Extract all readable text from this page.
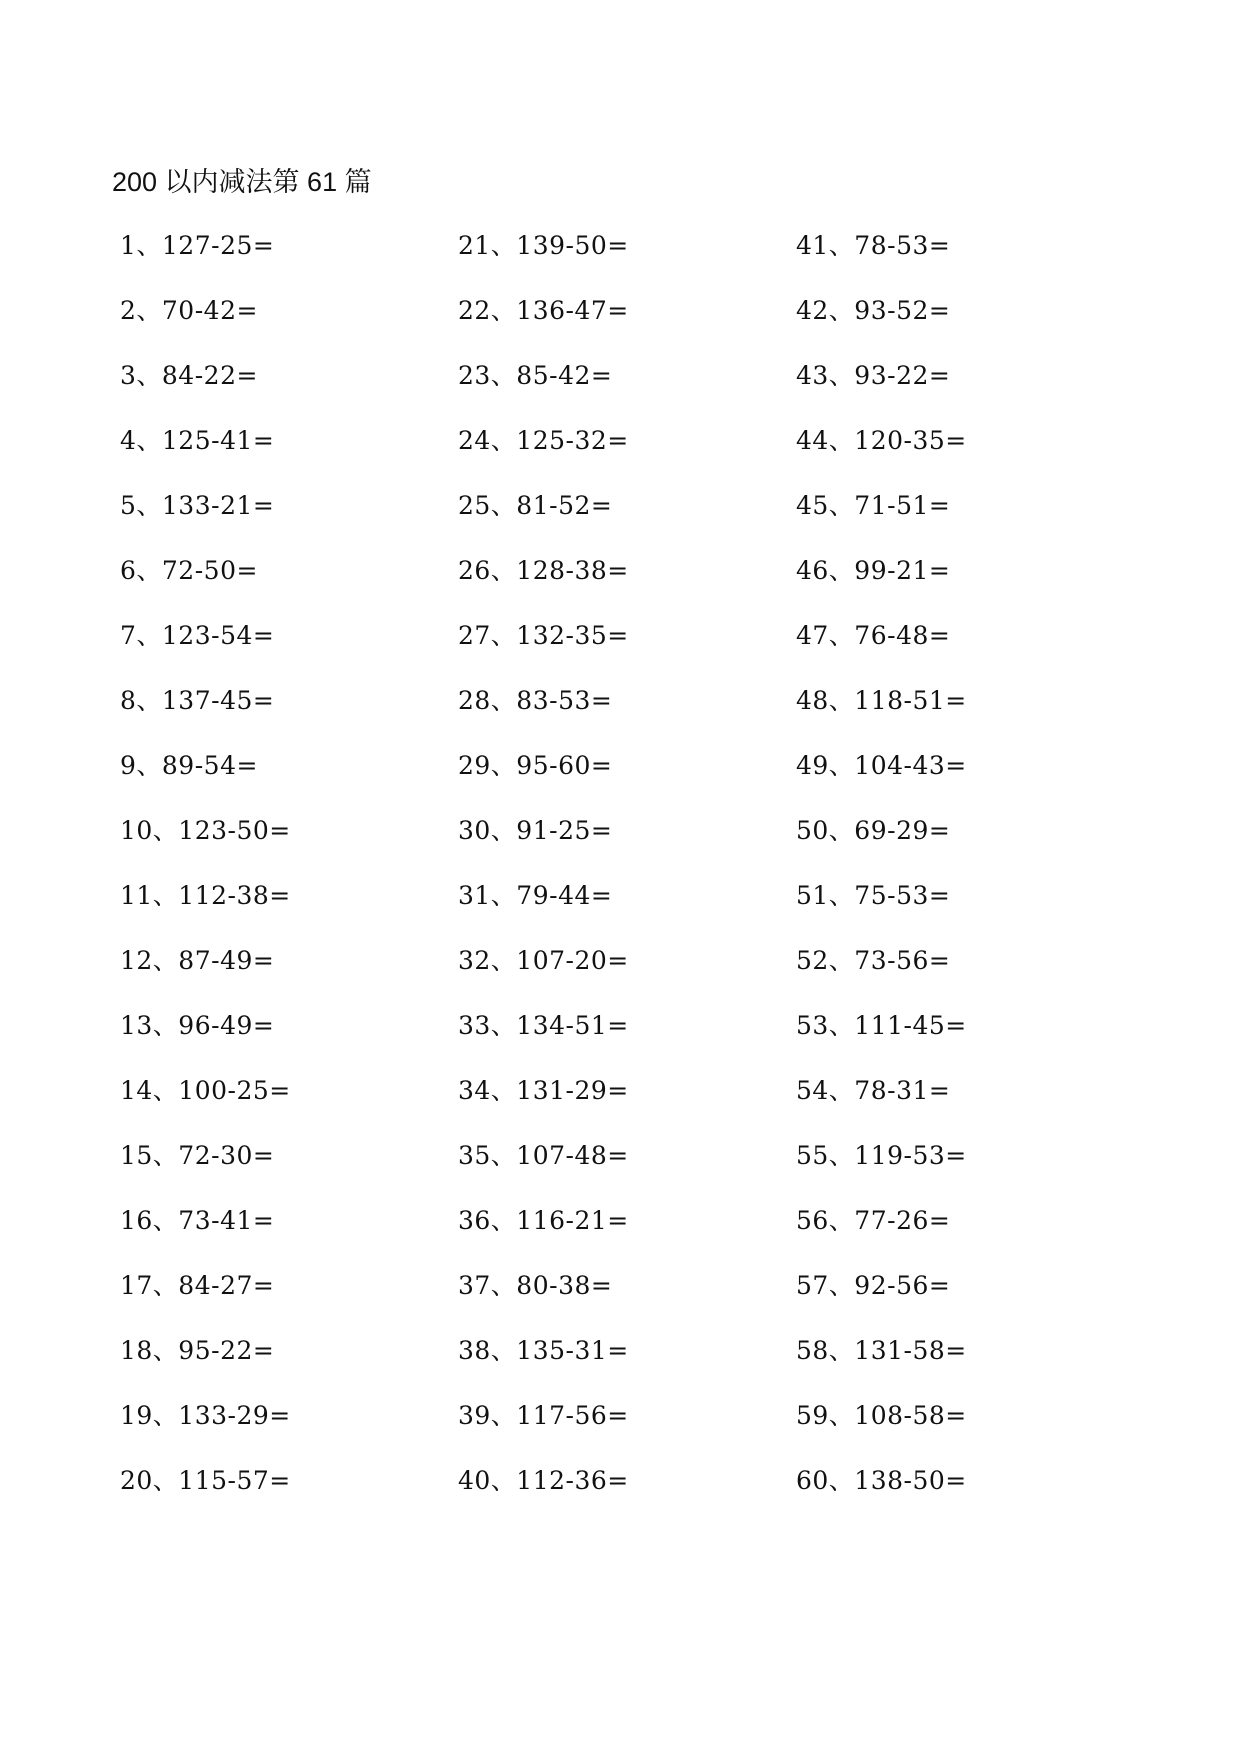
200 以内减法第 61 篇
1、127-25=
2、70-42=
3、84-22=
4、125-41=
5、133-21=
6、72-50=
7、123-54=
8、137-45=
9、89-54=
10、123-50=
11、112-38=
12、87-49=
13、96-49=
14、100-25=
15、72-30=
16、73-41=
17、84-27=
18、95-22=
19、133-29=
20、115-57=
21、139-50=
22、136-47=
23、85-42=
24、125-32=
25、81-52=
26、128-38=
27、132-35=
28、83-53=
29、95-60=
30、91-25=
31、79-44=
32、107-20=
33、134-51=
34、131-29=
35、107-48=
36、116-21=
37、80-38=
38、135-31=
39、117-56=
40、112-36=
41、78-53=
42、93-52=
43、93-22=
44、120-35=
45、71-51=
46、99-21=
47、76-48=
48、118-51=
49、104-43=
50、69-29=
51、75-53=
52、73-56=
53、111-45=
54、78-31=
55、119-53=
56、77-26=
57、92-56=
58、131-58=
59、108-58=
60、138-50=
